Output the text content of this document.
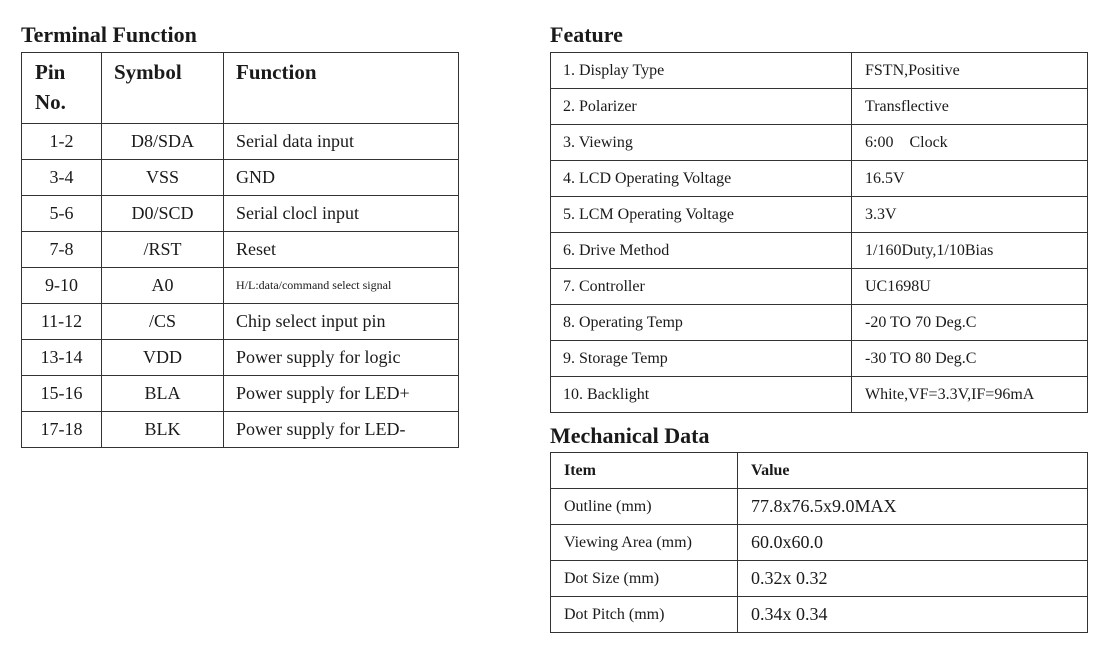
Terminal Function
Pin No.	Symbol	Function
1-2	D8/SDA	Serial data input
3-4	VSS	GND
5-6	D0/SCD	Serial clocl input
7-8	/RST	Reset
9-10	A0	H/L:data/command select signal
11-12	/CS	Chip select input pin
13-14	VDD	Power supply for logic
15-16	BLA	Power supply for LED+
17-18	BLK	Power supply for LED-
Feature
1. Display Type	FSTN,Positive
2. Polarizer	Transflective
3. Viewing	6:00    Clock
4. LCD Operating Voltage	16.5V
5. LCM Operating Voltage	3.3V
6. Drive Method	1/160Duty,1/10Bias
7. Controller	UC1698U
8. Operating Temp	-20 TO 70 Deg.C
9. Storage Temp	-30 TO 80 Deg.C
10. Backlight	White,VF=3.3V,IF=96mA
Mechanical Data
Item	Value
Outline (mm)	77.8x76.5x9.0MAX
Viewing Area (mm)	60.0x60.0
Dot Size (mm)	0.32x 0.32
Dot Pitch (mm)	0.34x 0.34
